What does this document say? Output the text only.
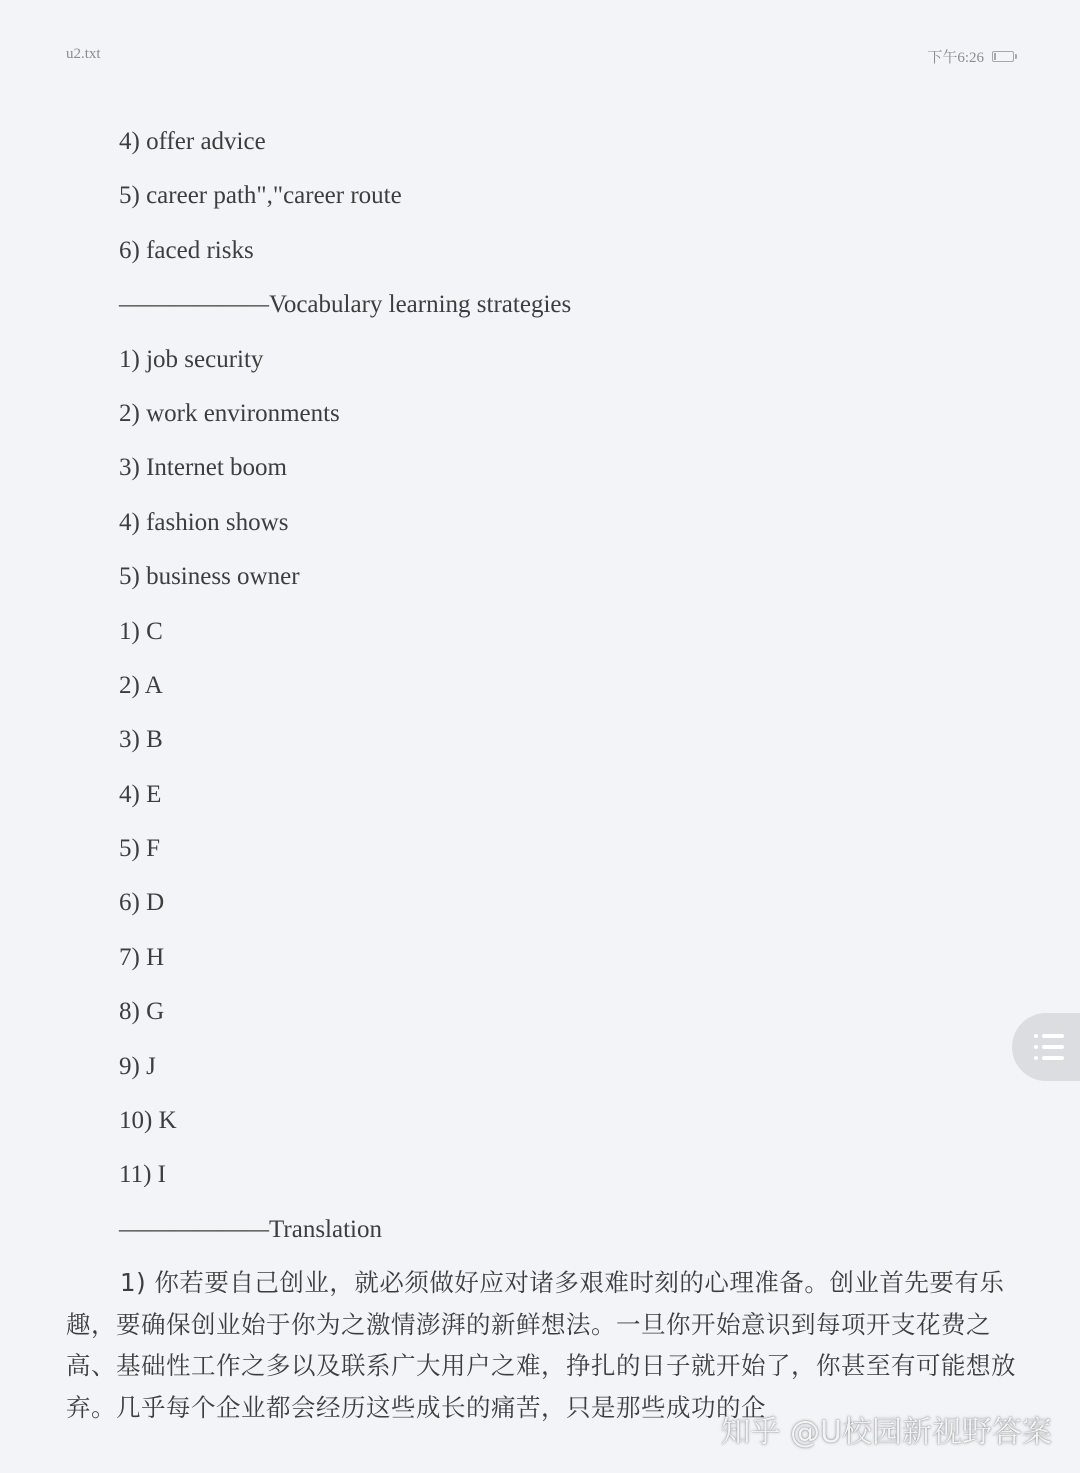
u2.txt	下午6:26
4) offer advice
5) career path","career route
6) faced risks
——————Vocabulary learning strategies
1) job security
2) work environments
3) Internet boom
4) fashion shows
5) business owner
1) C
2) A
3) B
4) E
5) F
6) D
7) H
8) G
9) J
10) K
11) I
——————Translation
1) 你若要自己创业，就必须做好应对诸多艰难时刻的心理准备。创业首先要有乐趣，要确保创业始于你为之激情澎湃的新鲜想法。一旦你开始意识到每项开支花费之高、基础性工作之多以及联系广大用户之难，挣扎的日子就开始了，你甚至有可能想放弃。几乎每个企业都会经历这些成长的痛苦，只是那些成功的企
知乎 @U校园新视野答案
